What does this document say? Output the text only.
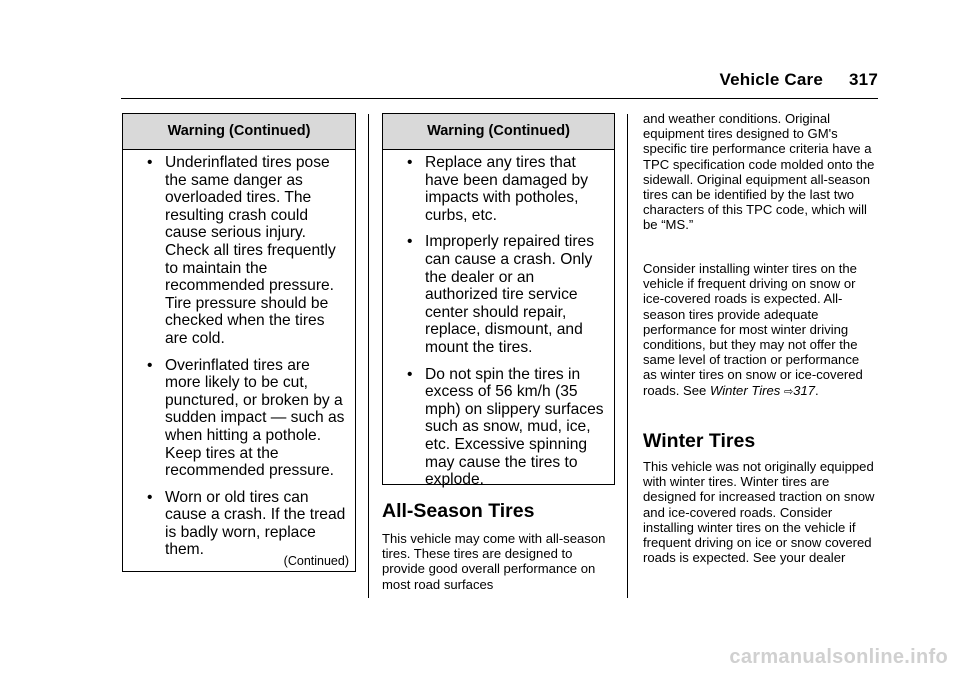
Vehicle Care 317
Warning (Continued)
• Underinflated tires pose the same danger as overloaded tires. The resulting crash could cause serious injury. Check all tires frequently to maintain the recommended pressure. Tire pressure should be checked when the tires are cold.
• Overinflated tires are more likely to be cut, punctured, or broken by a sudden impact — such as when hitting a pothole. Keep tires at the recommended pressure.
• Worn or old tires can cause a crash. If the tread is badly worn, replace them.
(Continued)
Warning (Continued)
• Replace any tires that have been damaged by impacts with potholes, curbs, etc.
• Improperly repaired tires can cause a crash. Only the dealer or an authorized tire service center should repair, replace, dismount, and mount the tires.
• Do not spin the tires in excess of 56 km/h (35 mph) on slippery surfaces such as snow, mud, ice, etc. Excessive spinning may cause the tires to explode.
All-Season Tires

This vehicle may come with all-season tires. These tires are designed to provide good overall performance on most road surfaces

and weather conditions. Original equipment tires designed to GM's specific tire performance criteria have a TPC specification code molded onto the sidewall. Original equipment all-season tires can be identified by the last two characters of this TPC code, which will be “MS.”

Consider installing winter tires on the vehicle if frequent driving on snow or ice-covered roads is expected. All-season tires provide adequate performance for most winter driving conditions, but they may not offer the same level of traction or performance as winter tires on snow or ice-covered roads. See Winter Tires ⇨317.

Winter Tires

This vehicle was not originally equipped with winter tires. Winter tires are designed for increased traction on snow and ice-covered roads. Consider installing winter tires on the vehicle if frequent driving on ice or snow covered roads is expected. See your dealer

carmanualsonline.info
